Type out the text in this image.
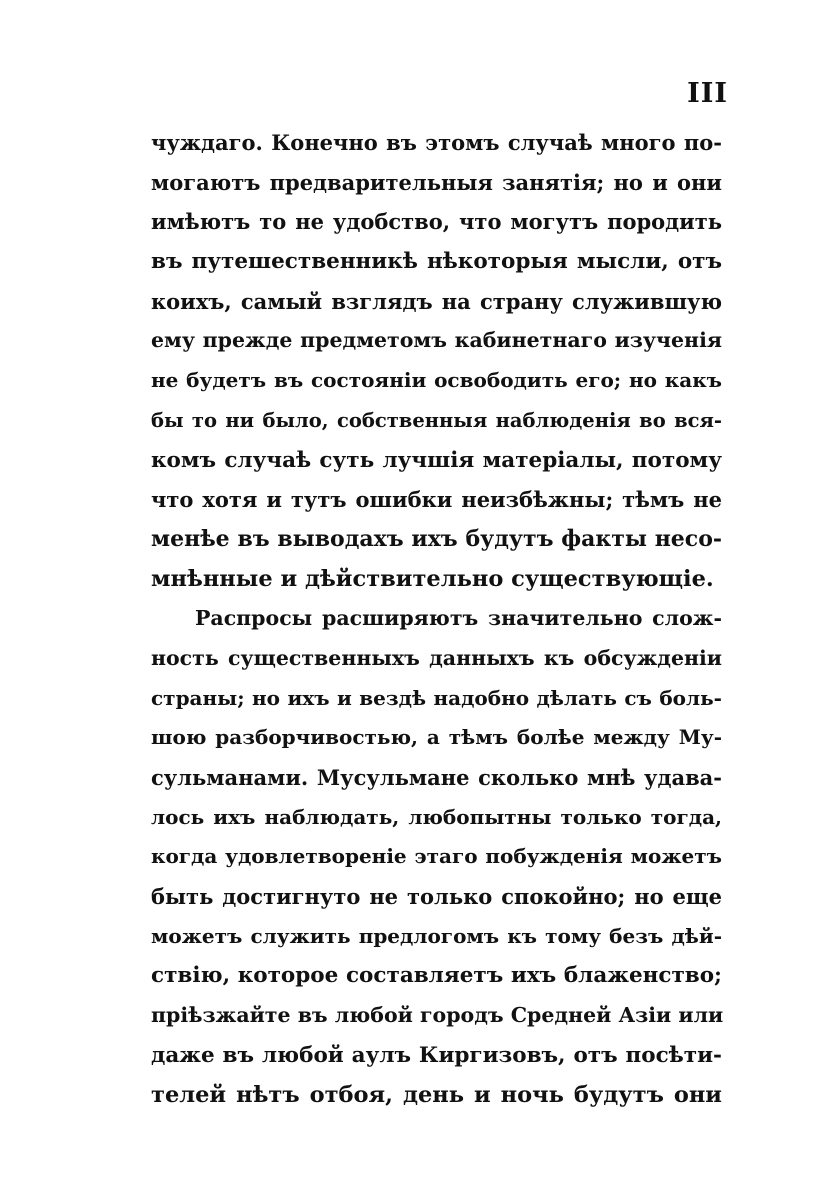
III
чуждаго. Конечно въ этомъ случаѣ много по-
могаютъ предварительныя занятія; но и они
имѣютъ то не удобство, что могутъ породить
въ путешественникѣ нѣкоторыя мысли, отъ
коихъ, самый взглядъ на страну служившую
ему прежде предметомъ кабинетнаго изученія
не будетъ въ состояніи освободить его; но какъ
бы то ни было, собственныя наблюденія во вся-
комъ случаѣ суть лучшія матеріалы, потому
что хотя и тутъ ошибки неизбѣжны; тѣмъ не
менѣе въ выводахъ ихъ будутъ факты несо-
мнѣнные и дѣйствительно существующіе.
Распросы расширяютъ значительно слож-
ность существенныхъ данныхъ къ обсужденіи
страны; но ихъ и вездѣ надобно дѣлать съ боль-
шою разборчивостью, а тѣмъ болѣе между Му-
сульманами. Мусульмане сколько мнѣ удава-
лось ихъ наблюдать, любопытны только тогда,
когда удовлетвореніе этаго побужденія можетъ
быть достигнуто не только спокойно; но еще
можетъ служить предлогомъ къ тому безъ дѣй-
ствію, которое составляетъ ихъ блаженство;
пріѣзжайте въ любой городъ Средней Азіи или
даже въ любой аулъ Киргизовъ, отъ посѣти-
телей нѣтъ отбоя, день и ночь будутъ они
